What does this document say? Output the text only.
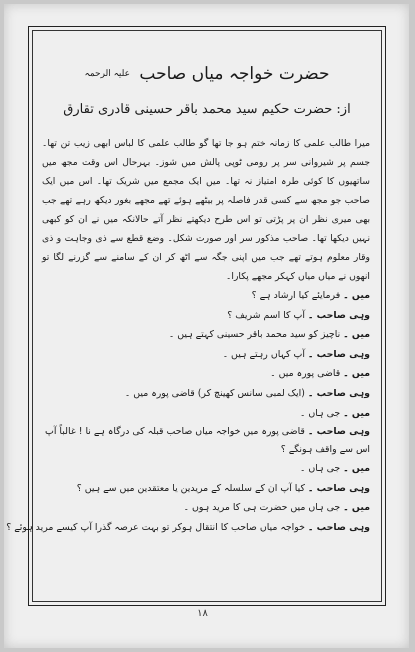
حضرت خواجہ میاں صاحب $^{علیہ الرحمہ}$
از: حضرت حکیم سید محمد باقر حسینی قادری تقارق
میرا طالب علمی کا زمانہ ختم ہو جا تھا گو طالب علمی کا لباس ابھی زیب تن تھا۔ جسم پر شیروانی سر پر رومی ٹوپی پالش میں شوز۔ بہرحال اس وقت مجھ میں ساتھیوں کا کوئی طرہ امتیاز نہ تھا۔ میں ایک مجمع میں شریک تھا۔ اس میں ایک صاحب جو مجھ سے کسی قدر فاصلہ پر بیٹھے ہوئے تھے مجھے بغور دیکھ رہے تھے جب بھی میری نظر ان پر پڑتی تو اس طرح دیکھتے نظر آتے حالانکہ میں نے ان کو کبھی نہیں دیکھا تھا۔ صاحب مذکور سر اور صورت شکل۔ وضع قطع سے ذی وجاہت و ذی وقار معلوم ہوتے تھے جب میں اپنی جگہ سے اٹھ کر ان کے سامنے سے گزرنے لگا تو انھوں نے میاں میاں کہکر مجھے پکارا۔
میں ۔ فرمایئے کیا ارشاد ہے ؟
وہی صاحب ۔ آپ کا اسم شریف ؟
میں ۔ ناچیز کو سید محمد باقر حسینی کہتے ہیں ۔
وہی صاحب ۔ آپ کہاں رہتے ہیں ۔
میں ۔ قاضی پورہ میں ۔
وہی صاحب ۔ (ایک لمبی سانس کھینچ کر) قاضی پورہ میں ۔
میں ۔ جی ہاں ۔
وہی صاحب ۔ قاضی پورہ میں خواجہ میاں صاحب قبلہ کی درگاہ ہے نا ! غالباً آپ اس سے واقف ہونگے ؟
میں ۔ جی ہاں ۔
وہی صاحب ۔ کیا آپ ان کے سلسلہ کے مریدین یا معتقدین میں سے ہیں ؟
میں ۔ جی ہاں میں حضرت ہی کا مرید ہوں ۔
وہی صاحب ۔ خواجہ میاں صاحب کا انتقال ہوکر تو بہت عرصہ گذرا آپ کیسے مرید ہوئے ؟
۱۸
